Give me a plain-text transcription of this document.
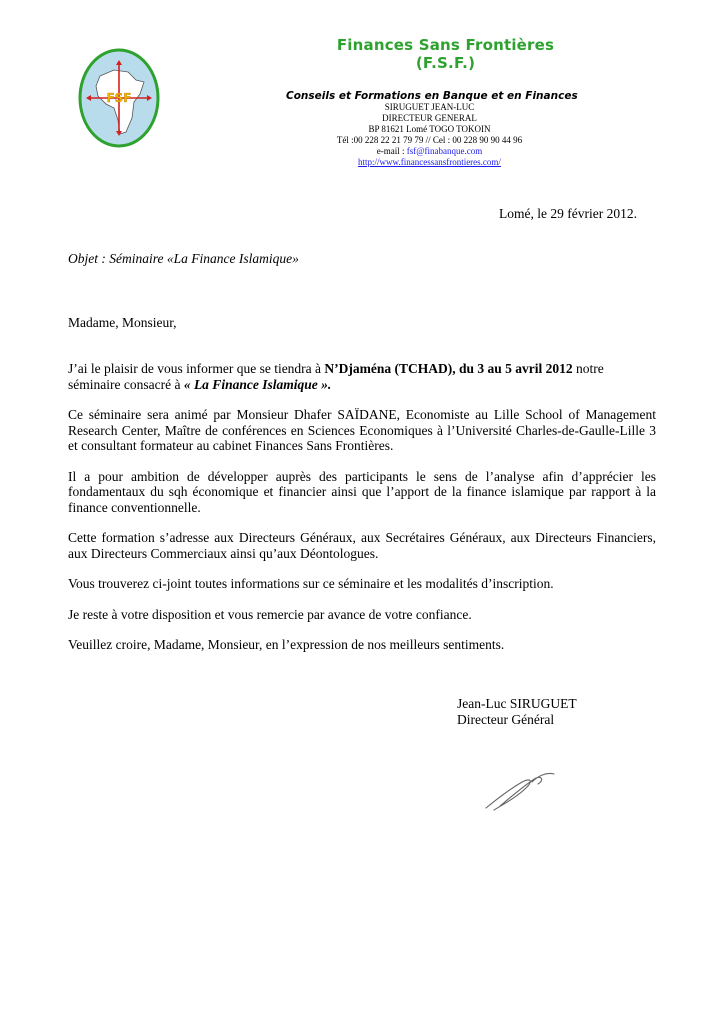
FSF
Finances Sans Frontières (F.S.F.)
Conseils et Formations en Banque et en Finances
SIRUGUET JEAN-LUC
DIRECTEUR GENERAL
BP 81621 Lomé TOGO TOKOIN
Tél :00 228 22 21 79 79 // Cel : 00 228 90 90 44 96
e-mail : fsf@finabanque.com
http://www.financessansfrontieres.com/
Lomé, le 29 février 2012.
Objet : Séminaire «La Finance Islamique»
Madame, Monsieur,

J’ai le plaisir de vous informer que se tiendra à N’Djaména (TCHAD), du 3 au 5 avril 2012 notre séminaire consacré à « La Finance Islamique ».

Ce séminaire sera animé par Monsieur Dhafer SAÏDANE, Economiste au Lille School of Management Research Center, Maître de conférences en Sciences Economiques à l’Université Charles-de-Gaulle-Lille 3 et consultant formateur au cabinet Finances Sans Frontières.

Il a pour ambition de développer auprès des participants le sens de l’analyse afin d’apprécier les fondamentaux du sqh économique et financier ainsi que l’apport de la finance islamique par rapport à la finance conventionnelle.

Cette formation s’adresse aux Directeurs Généraux, aux Secrétaires Généraux, aux Directeurs Financiers, aux Directeurs Commerciaux ainsi qu’aux Déontologues.

Vous trouverez ci-joint toutes informations sur ce séminaire et les modalités d’inscription.

Je reste à votre disposition et vous remercie par avance de votre confiance.

Veuillez croire, Madame, Monsieur, en l’expression de nos meilleurs sentiments.

Jean-Luc SIRUGUET
Directeur Général
